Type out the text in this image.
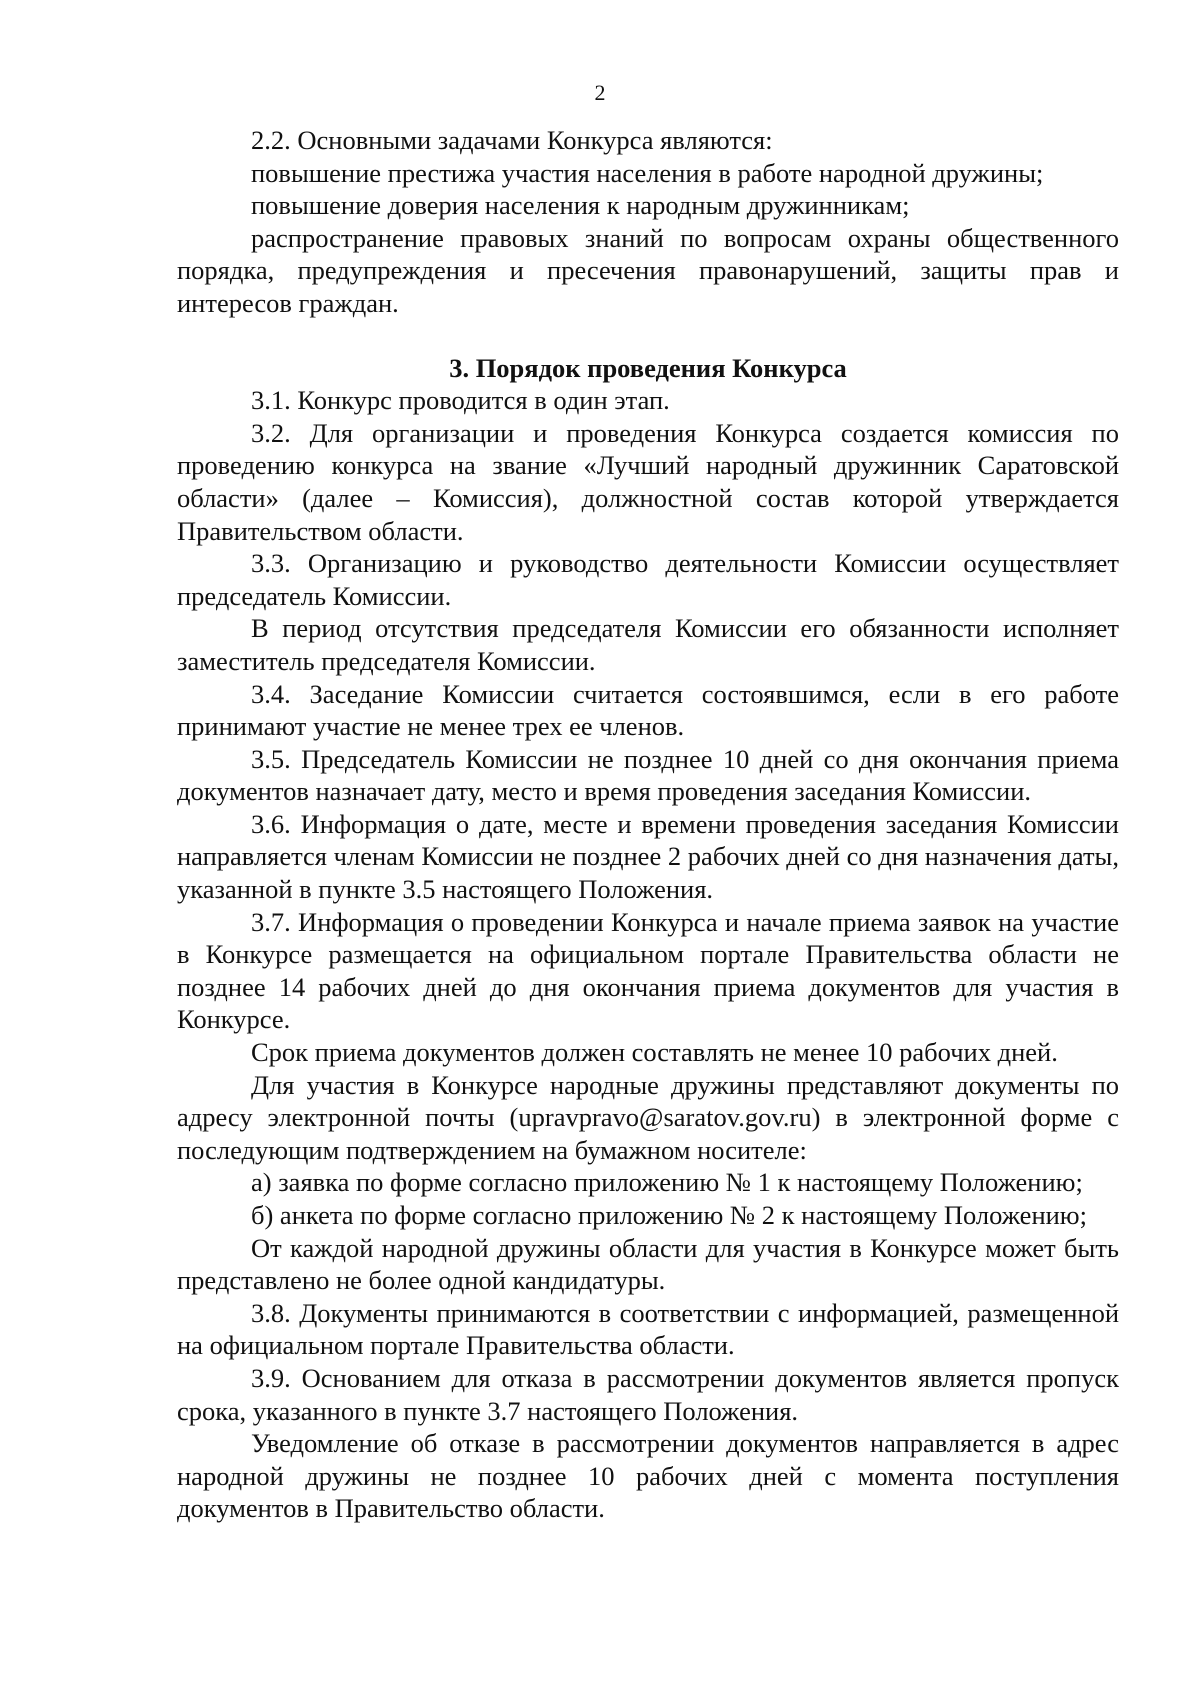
2

2.2. Основными задачами Конкурса являются:

повышение престижа участия населения в работе народной дружины;

повышение доверия населения к народным дружинникам;

распространение правовых знаний по вопросам охраны общественного порядка, предупреждения и пресечения правонарушений, защиты прав и интересов граждан.

3. Порядок проведения Конкурса

3.1. Конкурс проводится в один этап.

3.2. Для организации и проведения Конкурса создается комиссия по проведению конкурса на звание «Лучший народный дружинник Саратовской области» (далее – Комиссия), должностной состав которой утверждается Правительством области.

3.3. Организацию и руководство деятельности Комиссии осуществляет председатель Комиссии.

В период отсутствия председателя Комиссии его обязанности исполняет заместитель председателя Комиссии.

3.4. Заседание Комиссии считается состоявшимся, если в его работе принимают участие не менее трех ее членов.

3.5. Председатель Комиссии не позднее 10 дней со дня окончания приема документов назначает дату, место и время проведения заседания Комиссии.

3.6. Информация о дате, месте и времени проведения заседания Комиссии направляется членам Комиссии не позднее 2 рабочих дней со дня назначения даты, указанной в пункте 3.5 настоящего Положения.

3.7. Информация о проведении Конкурса и начале приема заявок на участие в Конкурсе размещается на официальном портале Правительства области не позднее 14 рабочих дней до дня окончания приема документов для участия в Конкурсе.

Срок приема документов должен составлять не менее 10 рабочих дней.

Для участия в Конкурсе народные дружины представляют документы по адресу электронной почты (upravpravo@saratov.gov.ru) в электронной форме с последующим подтверждением на бумажном носителе:

а) заявка по форме согласно приложению № 1 к настоящему Положению;

б) анкета по форме согласно приложению № 2 к настоящему Положению;

От каждой народной дружины области для участия в Конкурсе может быть представлено не более одной кандидатуры.

3.8. Документы принимаются в соответствии с информацией, размещенной на официальном портале Правительства области.

3.9. Основанием для отказа в рассмотрении документов является пропуск срока, указанного в пункте 3.7 настоящего Положения.

Уведомление об отказе в рассмотрении документов направляется в адрес народной дружины не позднее 10 рабочих дней с момента поступления документов в Правительство области.
